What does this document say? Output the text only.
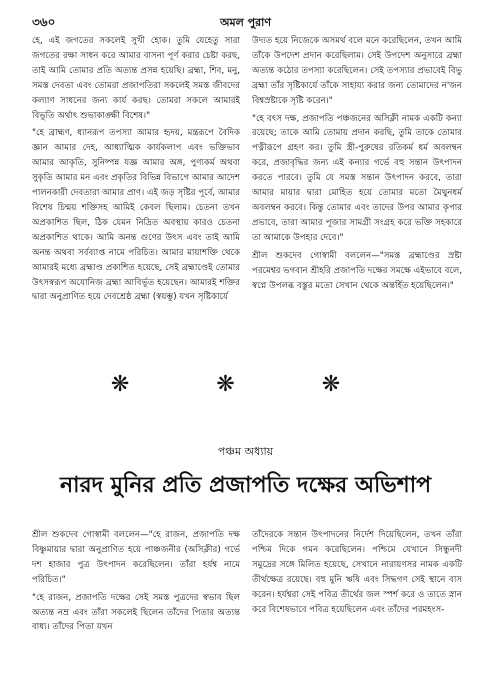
৩৬০	অমল পুরাণ

হে, এই জগতের সকলেই সুখী হোক। তুমি যেহেতু সারা জগতের রক্ষা সাধন করে আমার বাসনা পূর্ণ করার চেষ্টা করছ, তাই আমি তোমার প্রতি অত্যন্ত প্রসন্ন হয়েছি। ব্রহ্মা, শিব, মনু, সমস্ত দেবতা এবং তোমরা প্রজাপতিরা সকলেই সমস্ত জীবদের কল্যাণ সাধনের জন্য কার্য করছ। তোমরা সকলে আমারই বিভূতি অর্থাৎ শুভাকাঙ্ক্ষী বিশেষ।"

"হে ব্রাহ্মণ, ধ্যানরূপ তপস্যা আমার হৃদয়, মন্ত্ররূপে বৈদিক জ্ঞান আমার দেহ, আধ্যাত্মিক কার্যকলাপ এবং ভক্তিভাব আমার আকৃতি, সুনিষ্পন্ন যজ্ঞ আমার অঙ্গ, পুণ্যকর্ম অথবা সুকৃতি আমার মন এবং প্রকৃতির বিভিন্ন বিভাগে আমার আদেশ পালনকারী দেবতারা আমার প্রাণ। এই জড় সৃষ্টির পূর্বে, আমার বিশেষ চিন্ময় শক্তিসহ আমিই কেবল ছিলাম। চেতনা তখন অপ্রকাশিত ছিল, ঠিক যেমন নিদ্রিত অবস্থায় কারও চেতনা অপ্রকাশিত থাকে। আমি অনন্ত গুণের উৎস এবং তাই আমি অনন্ত অথবা সর্বব্যাপ্ত নামে পরিচিত। আমার মায়াশক্তি থেকে আমারই মধ্যে ব্রহ্মাণ্ড প্রকাশিত হয়েছে, সেই ব্রহ্মাণ্ডেই তোমার উৎসস্বরূপ অযোনিজ ব্রহ্মা আবির্ভূত হয়েছেন। আমারই শক্তির দ্বারা অনুপ্রাণিত হয়ে দেবশ্রেষ্ঠ ব্রহ্মা (স্বয়ম্ভূ) যখন সৃষ্টিকার্যে

উদ্যত হয়ে নিজেকে অসমর্থ বলে মনে করেছিলেন, তখন আমি তাঁকে উপদেশ প্রদান করেছিলাম। সেই উপদেশ অনুসারে ব্রহ্মা অত্যন্ত কঠোর তপস্যা করেছিলেন। সেই তপস্যার প্রভাবেই বিভু ব্রহ্মা তাঁর সৃষ্টিকার্যে তাঁকে সাহায্য করার জন্য তোমাদের ন'জন বিশ্বস্রষ্টাকে সৃষ্টি করেন।"

"হে বৎস দক্ষ, প্রজাপতি পঞ্চজনের অসিক্লী নামক একটি কন্যা রয়েছে; তাকে আমি তোমায় প্রদান করছি, তুমি তাকে তোমার পত্নীরূপে গ্রহণ কর। তুমি স্ত্রী-পুরুষের রতিকর্ম ধর্ম অবলম্বন করে, প্রজাবৃদ্ধির জন্য এই কন্যার গর্ভে বহু সন্তান উৎপাদন করতে পারবে। তুমি যে সমস্ত সন্তান উৎপাদন করবে, তারা আমার মায়ার দ্বারা মোহিত হয়ে তোমার মতো মৈথুনধর্ম অবলম্বন করবে। কিন্তু তোমার এবং তাদের উপর আমার কৃপার প্রভাবে, তারা আমার পূজার সামগ্রী সংগ্রহ করে ভক্তি সহকারে তা আমাকে উপহার দেবে।"

শ্রীল শুকদেব গোস্বামী বললেন—"সমস্ত ব্রহ্মাণ্ডের স্রষ্টা পরমেশ্বর ভগবান শ্রীহরি প্রজাপতি দক্ষের সমক্ষে এইভাবে বলে, স্বপ্নে উপলব্ধ বস্তুর মতো সেখান থেকে অন্তর্হিত হয়েছিলেন।"

❋ ❋ ❋
পঞ্চম অধ্যায়
নারদ মুনির প্রতি প্রজাপতি দক্ষের অভিশাপ

শ্রীল শুকদেব গোস্বামী বললেন—"হে রাজন, প্রজাপতি দক্ষ বিষ্ণুমায়ার দ্বারা অনুপ্রাণিত হয়ে পাঞ্চজনীর (অসিক্লীর) গর্ভে দশ হাজার পুত্র উৎপাদন করেছিলেন। তাঁরা হর্যশ্ব নামে পরিচিত।"

"হে রাজন, প্রজাপতি দক্ষের সেই সমস্ত পুত্রদের স্বভাব ছিল অত্যন্ত নম্র এবং তাঁরা সকলেই ছিলেন তাঁদের পিতার অত্যন্ত বাধ্য। তাঁদের পিতা যখন

তাঁদেরকে সন্তান উৎপাদনের নির্দেশ দিয়েছিলেন, তখন তাঁরা পশ্চিম দিকে গমন করেছিলেন। পশ্চিমে যেখানে সিন্ধুনদী সমুদ্রের সঙ্গে মিলিত হয়েছে, সেখানে নারায়ণসর নামক একটি তীর্থক্ষেত্র রয়েছে। বহু মুনি ঋষি এবং সিদ্ধগণ সেই স্থানে বাস করেন। হর্যশ্বরা সেই পবিত্র তীর্থের জল স্পর্শ করে ও তাতে স্নান করে বিশেষভাবে পবিত্র হয়েছিলেন এবং তাঁদের পরমহংস-
